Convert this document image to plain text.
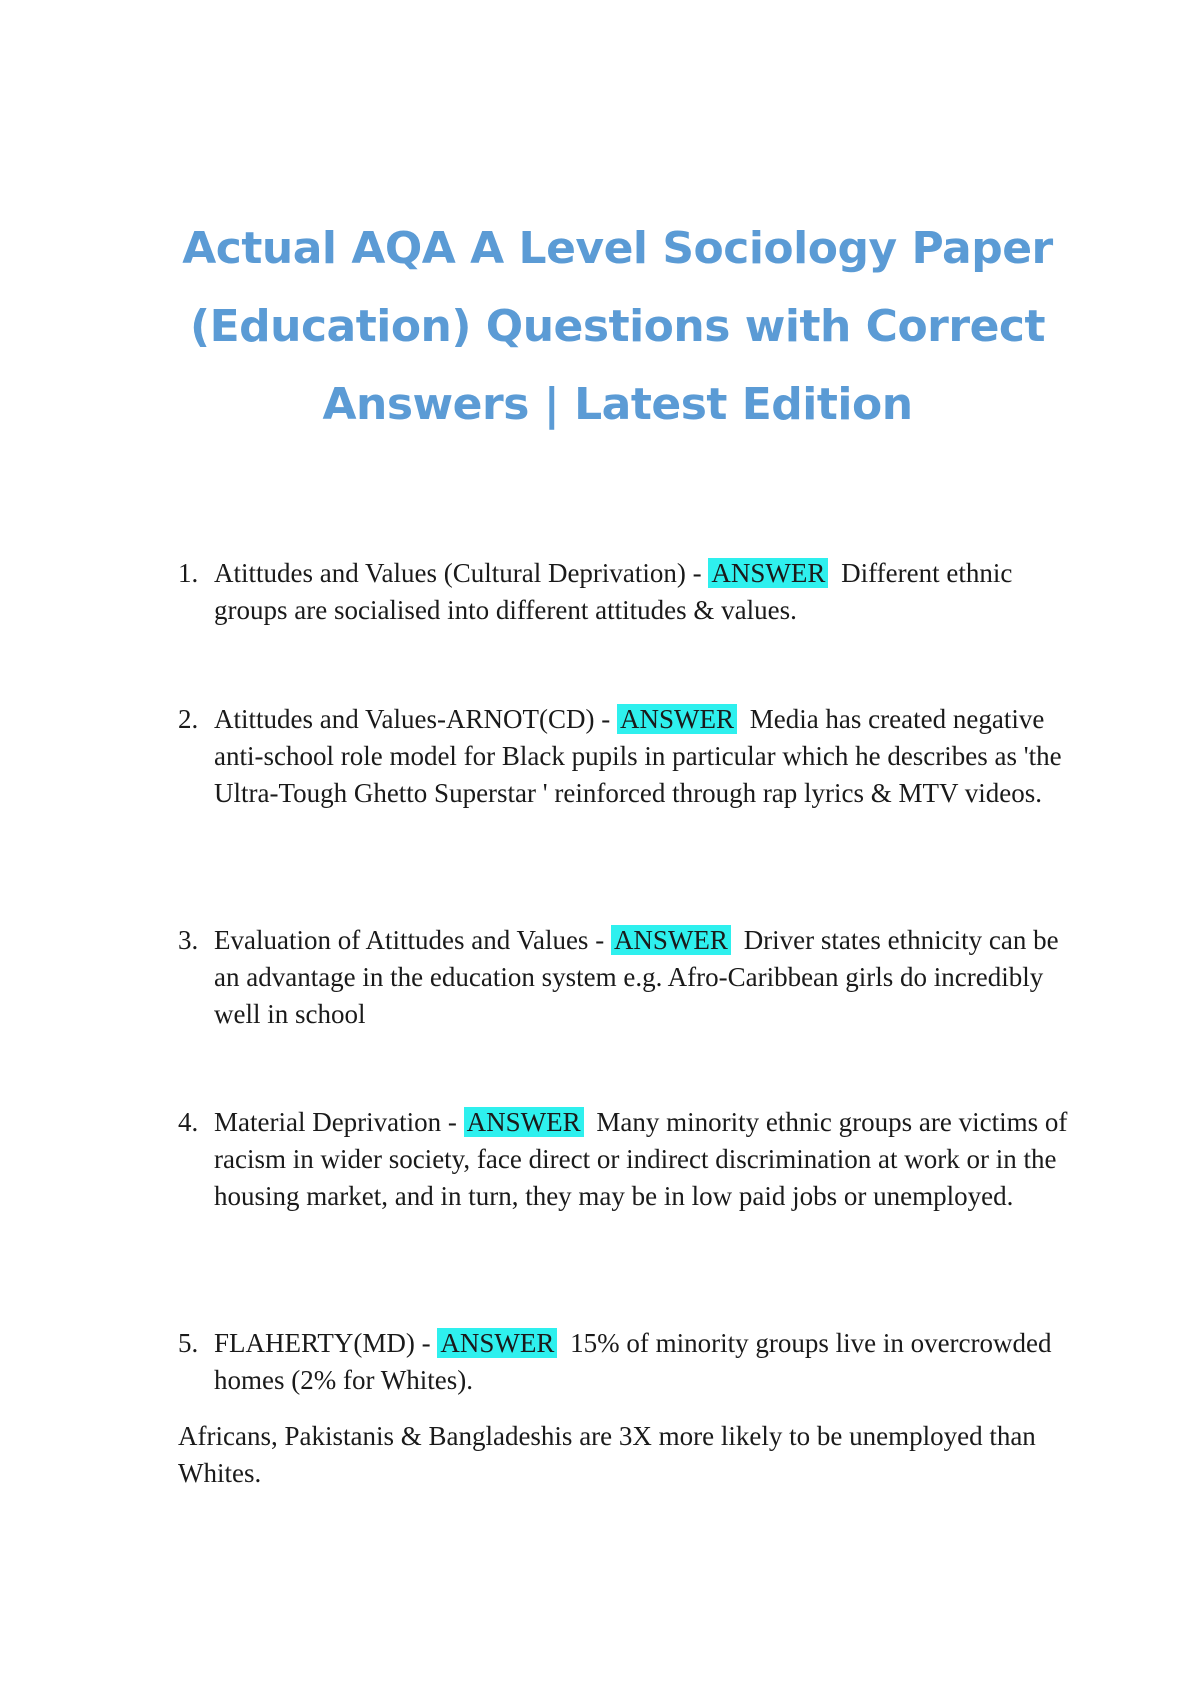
Actual AQA A Level Sociology Paper
(Education) Questions with Correct
Answers | Latest Edition
1. Atittudes and Values (Cultural Deprivation) - ANSWER Different ethnic groups are socialised into different attitudes & values.
2. Atittudes and Values-ARNOT(CD) - ANSWER Media has created negative anti-school role model for Black pupils in particular which he describes as 'the Ultra-Tough Ghetto Superstar ' reinforced through rap lyrics & MTV videos.
3. Evaluation of Atittudes and Values - ANSWER Driver states ethnicity can be an advantage in the education system e.g. Afro-Caribbean girls do incredibly well in school
4. Material Deprivation - ANSWER Many minority ethnic groups are victims of racism in wider society, face direct or indirect discrimination at work or in the housing market, and in turn, they may be in low paid jobs or unemployed.
5. FLAHERTY(MD) - ANSWER 15% of minority groups live in overcrowded homes (2% for Whites).

Africans, Pakistanis & Bangladeshis are 3X more likely to be unemployed than Whites.
